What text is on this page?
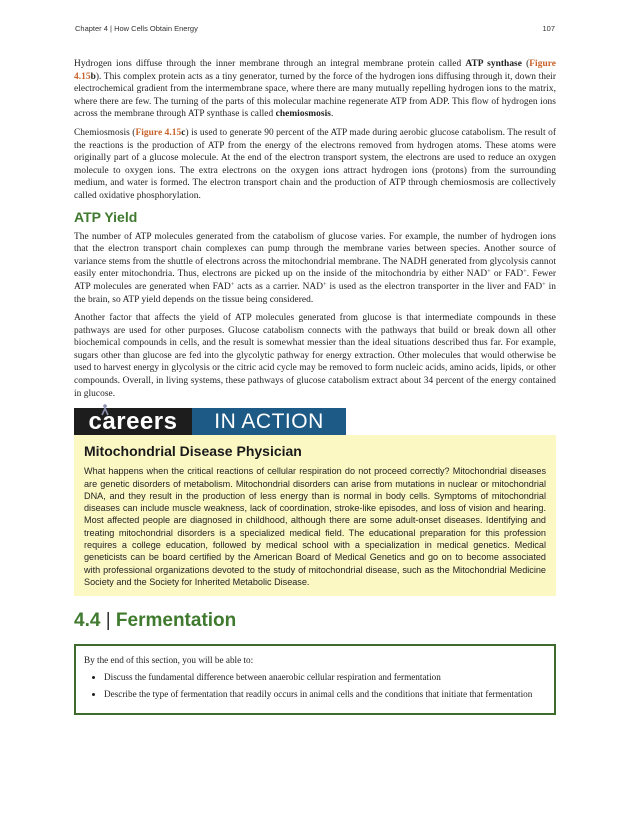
Chapter 4 | How Cells Obtain Energy	107

Hydrogen ions diffuse through the inner membrane through an integral membrane protein called ATP synthase (Figure 4.15b). This complex protein acts as a tiny generator, turned by the force of the hydrogen ions diffusing through it, down their electrochemical gradient from the intermembrane space, where there are many mutually repelling hydrogen ions to the matrix, where there are few. The turning of the parts of this molecular machine regenerate ATP from ADP. This flow of hydrogen ions across the membrane through ATP synthase is called chemiosmosis.

Chemiosmosis (Figure 4.15c) is used to generate 90 percent of the ATP made during aerobic glucose catabolism. The result of the reactions is the production of ATP from the energy of the electrons removed from hydrogen atoms. These atoms were originally part of a glucose molecule. At the end of the electron transport system, the electrons are used to reduce an oxygen molecule to oxygen ions. The extra electrons on the oxygen ions attract hydrogen ions (protons) from the surrounding medium, and water is formed. The electron transport chain and the production of ATP through chemiosmosis are collectively called oxidative phosphorylation.

ATP Yield

The number of ATP molecules generated from the catabolism of glucose varies. For example, the number of hydrogen ions that the electron transport chain complexes can pump through the membrane varies between species. Another source of variance stems from the shuttle of electrons across the mitochondrial membrane. The NADH generated from glycolysis cannot easily enter mitochondria. Thus, electrons are picked up on the inside of the mitochondria by either NAD+ or FAD+. Fewer ATP molecules are generated when FAD+ acts as a carrier. NAD+ is used as the electron transporter in the liver and FAD+ in the brain, so ATP yield depends on the tissue being considered.

Another factor that affects the yield of ATP molecules generated from glucose is that intermediate compounds in these pathways are used for other purposes. Glucose catabolism connects with the pathways that build or break down all other biochemical compounds in cells, and the result is somewhat messier than the ideal situations described thus far. For example, sugars other than glucose are fed into the glycolytic pathway for energy extraction. Other molecules that would otherwise be used to harvest energy in glycolysis or the citric acid cycle may be removed to form nucleic acids, amino acids, lipids, or other compounds. Overall, in living systems, these pathways of glucose catabolism extract about 34 percent of the energy contained in glucose.

careers	IN ACTION
Mitochondrial Disease Physician

What happens when the critical reactions of cellular respiration do not proceed correctly? Mitochondrial diseases are genetic disorders of metabolism. Mitochondrial disorders can arise from mutations in nuclear or mitochondrial DNA, and they result in the production of less energy than is normal in body cells. Symptoms of mitochondrial diseases can include muscle weakness, lack of coordination, stroke-like episodes, and loss of vision and hearing. Most affected people are diagnosed in childhood, although there are some adult-onset diseases. Identifying and treating mitochondrial disorders is a specialized medical field. The educational preparation for this profession requires a college education, followed by medical school with a specialization in medical genetics. Medical geneticists can be board certified by the American Board of Medical Genetics and go on to become associated with professional organizations devoted to the study of mitochondrial disease, such as the Mitochondrial Medicine Society and the Society for Inherited Metabolic Disease.

4.4 | Fermentation

By the end of this section, you will be able to:

• Discuss the fundamental difference between anaerobic cellular respiration and fermentation
• Describe the type of fermentation that readily occurs in animal cells and the conditions that initiate that fermentation
